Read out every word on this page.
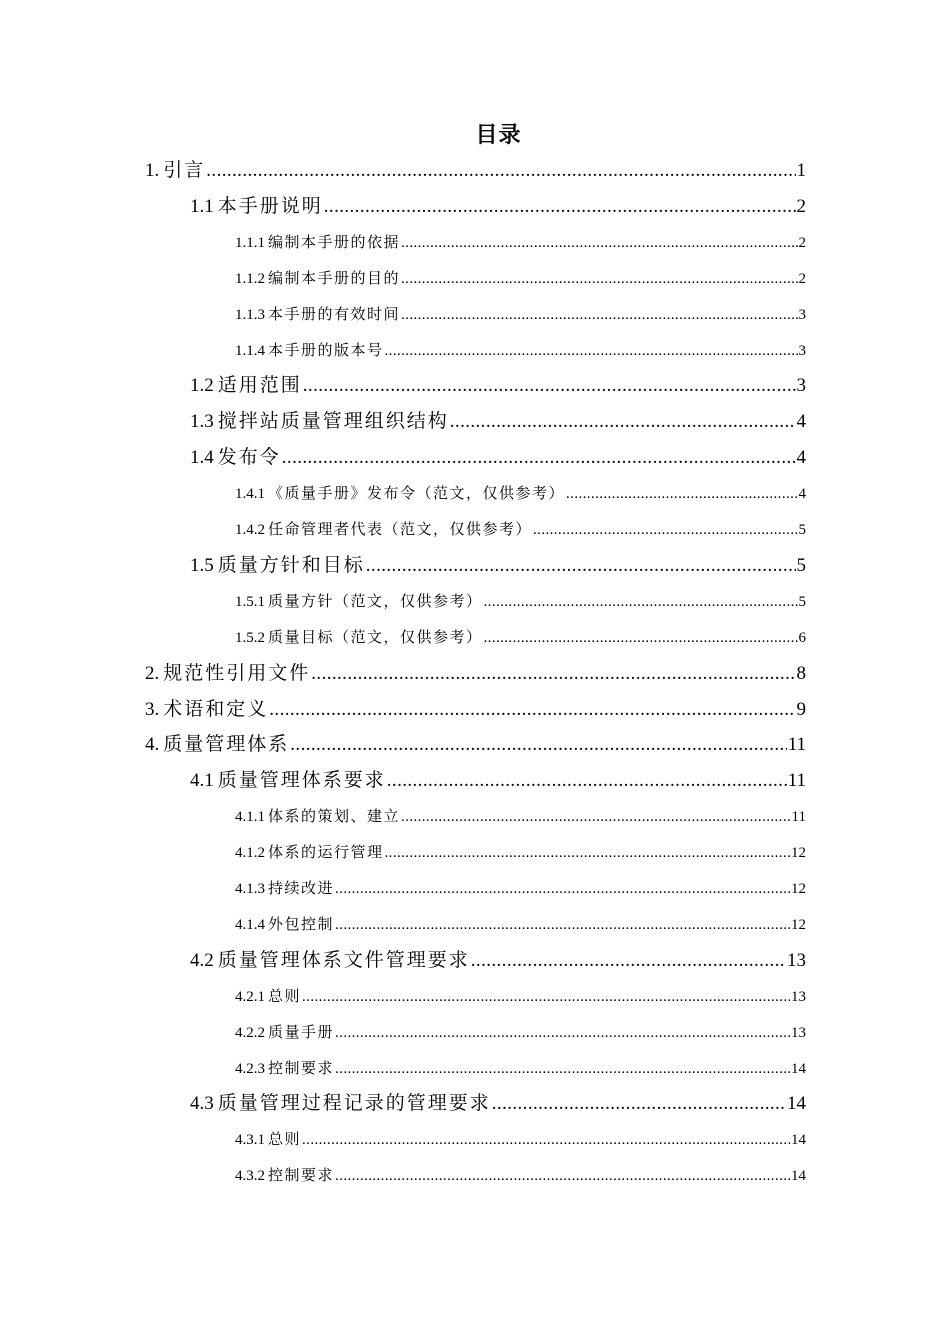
目录
1. 引言 .....	1
1.1 本手册说明 .....	2
1.1.1 编制本手册的依据 .....	2
1.1.2 编制本手册的目的 .....	2
1.1.3 本手册的有效时间 .....	3
1.1.4 本手册的版本号 .....	3
1.2 适用范围 .....	3
1.3 搅拌站质量管理组织结构 .....	4
1.4 发布令 .....	4
1.4.1 《质量手册》发布令（范文，仅供参考） .....	4
1.4.2 任命管理者代表（范文，仅供参考） .....	5
1.5 质量方针和目标 .....	5
1.5.1 质量方针（范文，仅供参考） .....	5
1.5.2 质量目标（范文，仅供参考） .....	6
2. 规范性引用文件 .....	8
3. 术语和定义 .....	9
4. 质量管理体系 .....	11
4.1 质量管理体系要求 .....	11
4.1.1 体系的策划、建立 .....	11
4.1.2 体系的运行管理 .....	12
4.1.3 持续改进 .....	12
4.1.4 外包控制 .....	12
4.2 质量管理体系文件管理要求 .....	13
4.2.1 总则 .....	13
4.2.2 质量手册 .....	13
4.2.3 控制要求 .....	14
4.3 质量管理过程记录的管理要求 .....	14
4.3.1 总则 .....	14
4.3.2 控制要求 .....	14
